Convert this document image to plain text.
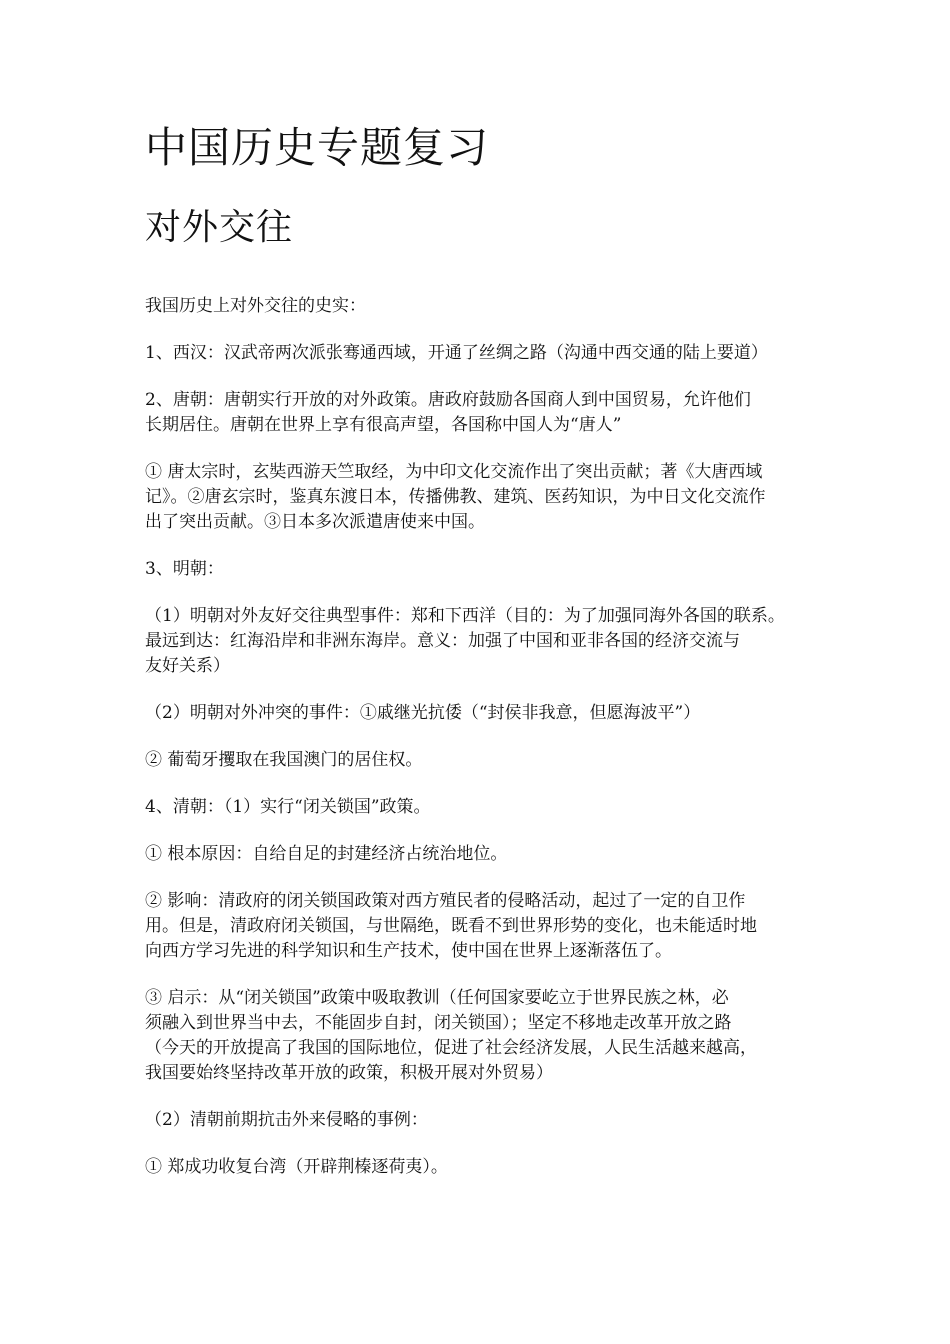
中国历史专题复习
对外交往

我国历史上对外交往的史实：

1、西汉：汉武帝两次派张骞通西域，开通了丝绸之路（沟通中西交通的陆上要道）

2、唐朝：唐朝实行开放的对外政策。唐政府鼓励各国商人到中国贸易，允许他们
长期居住。唐朝在世界上享有很高声望，各国称中国人为“唐人”

① 唐太宗时，玄奘西游天竺取经，为中印文化交流作出了突出贡献；著《大唐西域
记》。②唐玄宗时，鉴真东渡日本，传播佛教、建筑、医药知识，为中日文化交流作
出了突出贡献。③日本多次派遣唐使来中国。

3、明朝：

（1）明朝对外友好交往典型事件：郑和下西洋（目的：为了加强同海外各国的联系。
最远到达：红海沿岸和非洲东海岸。意义：加强了中国和亚非各国的经济交流与
友好关系）

（2）明朝对外冲突的事件：①戚继光抗倭（“封侯非我意，但愿海波平”）

② 葡萄牙攫取在我国澳门的居住权。

4、清朝：（1）实行“闭关锁国”政策。

① 根本原因：自给自足的封建经济占统治地位。

② 影响：清政府的闭关锁国政策对西方殖民者的侵略活动，起过了一定的自卫作
用。但是，清政府闭关锁国，与世隔绝，既看不到世界形势的变化，也未能适时地
向西方学习先进的科学知识和生产技术，使中国在世界上逐渐落伍了。

③ 启示：从“闭关锁国”政策中吸取教训（任何国家要屹立于世界民族之林，必
须融入到世界当中去，不能固步自封，闭关锁国）；坚定不移地走改革开放之路
（今天的开放提高了我国的国际地位，促进了社会经济发展，人民生活越来越高，
我国要始终坚持改革开放的政策，积极开展对外贸易）

（2）清朝前期抗击外来侵略的事例：

① 郑成功收复台湾（开辟荆榛逐荷夷）。
